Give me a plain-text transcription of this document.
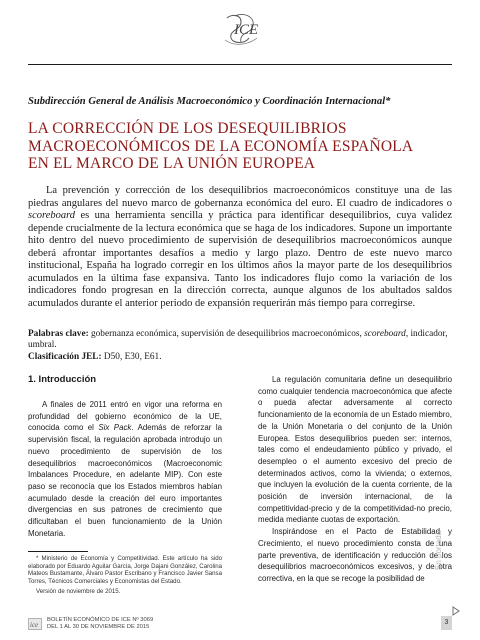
ICE
Subdirección General de Análisis Macroeconómico y Coordinación Internacional*
LA CORRECCIÓN DE LOS DESEQUILIBRIOS
MACROECONÓMICOS DE LA ECONOMÍA ESPAÑOLA
EN EL MARCO DE LA UNIÓN EUROPEA

La prevención y corrección de los desequilibrios macroeconómicos constituye una de las piedras angulares del nuevo marco de gobernanza económica del euro. El cuadro de indicadores o scoreboard es una herramienta sencilla y práctica para identificar desequilibrios, cuya validez depende crucialmente de la lectura económica que se haga de los indicadores. Supone un importante hito dentro del nuevo procedimiento de supervisión de desequilibrios macroeconómicos aunque deberá afrontar importantes desafíos a medio y largo plazo. Dentro de este nuevo marco institucional, España ha logrado corregir en los últimos años la mayor parte de los desequilibrios acumulados en la última fase expansiva. Tanto los indicadores flujo como la variación de los indicadores fondo progresan en la dirección correcta, aunque algunos de los abultados saldos acumulados durante el anterior periodo de expansión requerirán más tiempo para corregirse.

Palabras clave: gobernanza económica, supervisión de desequilibrios macroeconómicos, scoreboard, indicador, umbral.
Clasificación JEL: D50, E30, E61.
1. Introducción

A finales de 2011 entró en vigor una reforma en profundidad del gobierno económico de la UE, conocida como el Six Pack. Además de reforzar la supervisión fiscal, la regulación aprobada introdujo un nuevo procedimiento de supervisión de los desequilibrios macroeconómicos (Macroeconomic Imbalances Procedure, en adelante MIP). Con este paso se reconocía que los Estados miembros habían acumulado desde la creación del euro importantes divergencias en sus patrones de crecimiento que dificultaban el buen funcionamiento de la Unión Monetaria.

La regulación comunitaria define un desequilibrio como cualquier tendencia macroeconómica que afecte o pueda afectar adversamente al correcto funcionamiento de la economía de un Estado miembro, de la Unión Monetaria o del conjunto de la Unión Europea. Estos desequilibrios pueden ser: internos, tales como el endeudamiento público y privado, el desempleo o el aumento excesivo del precio de determinados activos, como la vivienda; o externos, que incluyen la evolución de la cuenta corriente, de la posición de inversión internacional, de la competitividad-precio y de la competitividad-no precio, medida mediante cuotas de exportación.

Inspirándose en el Pacto de Estabilidad y Crecimiento, el nuevo procedimiento consta de una parte preventiva, de identificación y reducción de los desequilibrios macroeconómicos excesivos, y de otra correctiva, en la que se recoge la posibilidad de

* Ministerio de Economía y Competitividad. Este artículo ha sido elaborado por Eduardo Aguilar García, Jorge Dajani González, Carolina Mateos Bustamante, Álvaro Pastor Escribano y Francisco Javier Sansa Torres, Técnicos Comerciales y Economistas del Estado.

Versión de noviembre de 2015.

ice
BOLETÍN ECONÓMICO DE ICE Nº 3069
DEL 1 AL 30 DE NOVIEMBRE DE 2015
En portada
3
